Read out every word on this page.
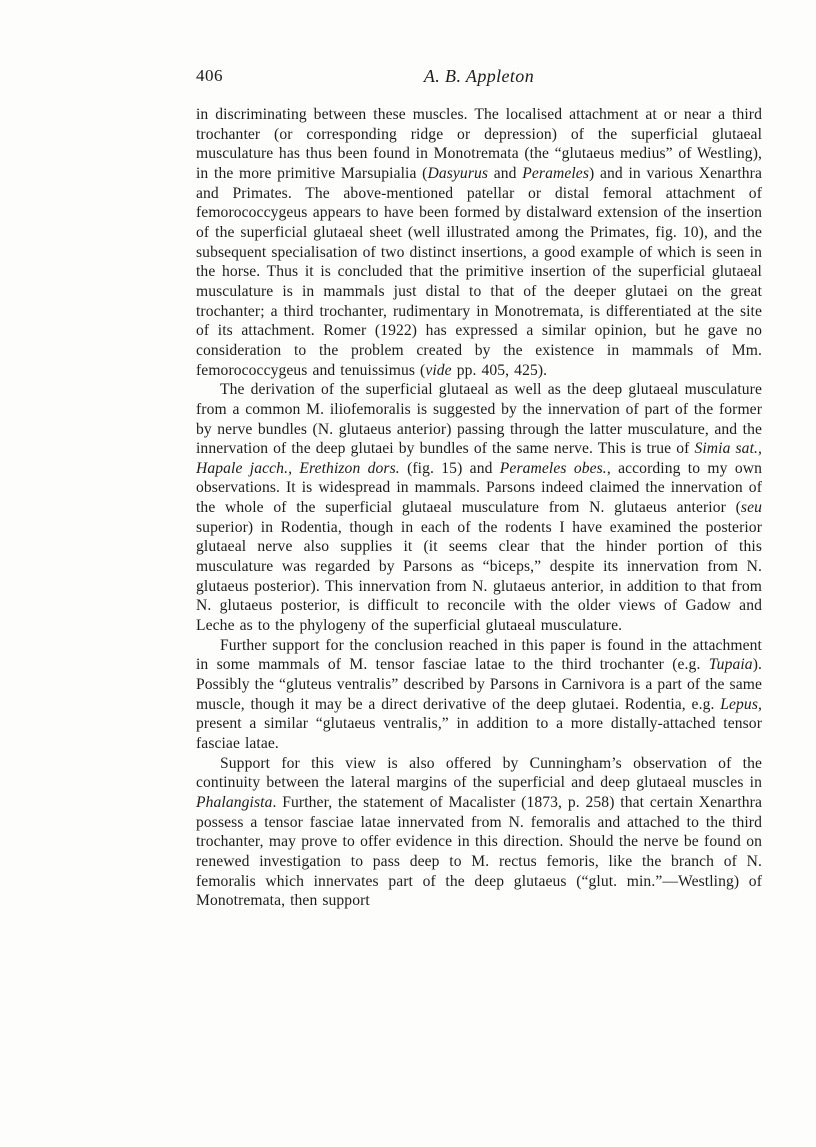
406	A. B. Appleton

in discriminating between these muscles. The localised attachment at or near a third trochanter (or corresponding ridge or depression) of the superficial glutaeal musculature has thus been found in Monotremata (the “glutaeus medius” of Westling), in the more primitive Marsupialia (Dasyurus and Perameles) and in various Xenarthra and Primates. The above-mentioned patellar or distal femoral attachment of femorococcygeus appears to have been formed by distalward extension of the insertion of the superficial glutaeal sheet (well illustrated among the Primates, fig. 10), and the subsequent specialisation of two distinct insertions, a good example of which is seen in the horse. Thus it is concluded that the primitive insertion of the superficial glutaeal musculature is in mammals just distal to that of the deeper glutaei on the great trochanter; a third trochanter, rudimentary in Monotremata, is differentiated at the site of its attachment. Romer (1922) has expressed a similar opinion, but he gave no consideration to the problem created by the existence in mammals of Mm. femorococcygeus and tenuissimus (vide pp. 405, 425).

The derivation of the superficial glutaeal as well as the deep glutaeal musculature from a common M. iliofemoralis is suggested by the innervation of part of the former by nerve bundles (N. glutaeus anterior) passing through the latter musculature, and the innervation of the deep glutaei by bundles of the same nerve. This is true of Simia sat., Hapale jacch., Erethizon dors. (fig. 15) and Perameles obes., according to my own observations. It is widespread in mammals. Parsons indeed claimed the innervation of the whole of the superficial glutaeal musculature from N. glutaeus anterior (seu superior) in Rodentia, though in each of the rodents I have examined the posterior glutaeal nerve also supplies it (it seems clear that the hinder portion of this musculature was regarded by Parsons as “biceps,” despite its innervation from N. glutaeus posterior). This innervation from N. glutaeus anterior, in addition to that from N. glutaeus posterior, is difficult to reconcile with the older views of Gadow and Leche as to the phylogeny of the superficial glutaeal musculature.

Further support for the conclusion reached in this paper is found in the attachment in some mammals of M. tensor fasciae latae to the third trochanter (e.g. Tupaia). Possibly the “gluteus ventralis” described by Parsons in Carnivora is a part of the same muscle, though it may be a direct derivative of the deep glutaei. Rodentia, e.g. Lepus, present a similar “glutaeus ventralis,” in addition to a more distally-attached tensor fasciae latae.

Support for this view is also offered by Cunningham’s observation of the continuity between the lateral margins of the superficial and deep glutaeal muscles in Phalangista. Further, the statement of Macalister (1873, p. 258) that certain Xenarthra possess a tensor fasciae latae innervated from N. femoralis and attached to the third trochanter, may prove to offer evidence in this direction. Should the nerve be found on renewed investigation to pass deep to M. rectus femoris, like the branch of N. femoralis which innervates part of the deep glutaeus (“glut. min.”—Westling) of Monotremata, then support
